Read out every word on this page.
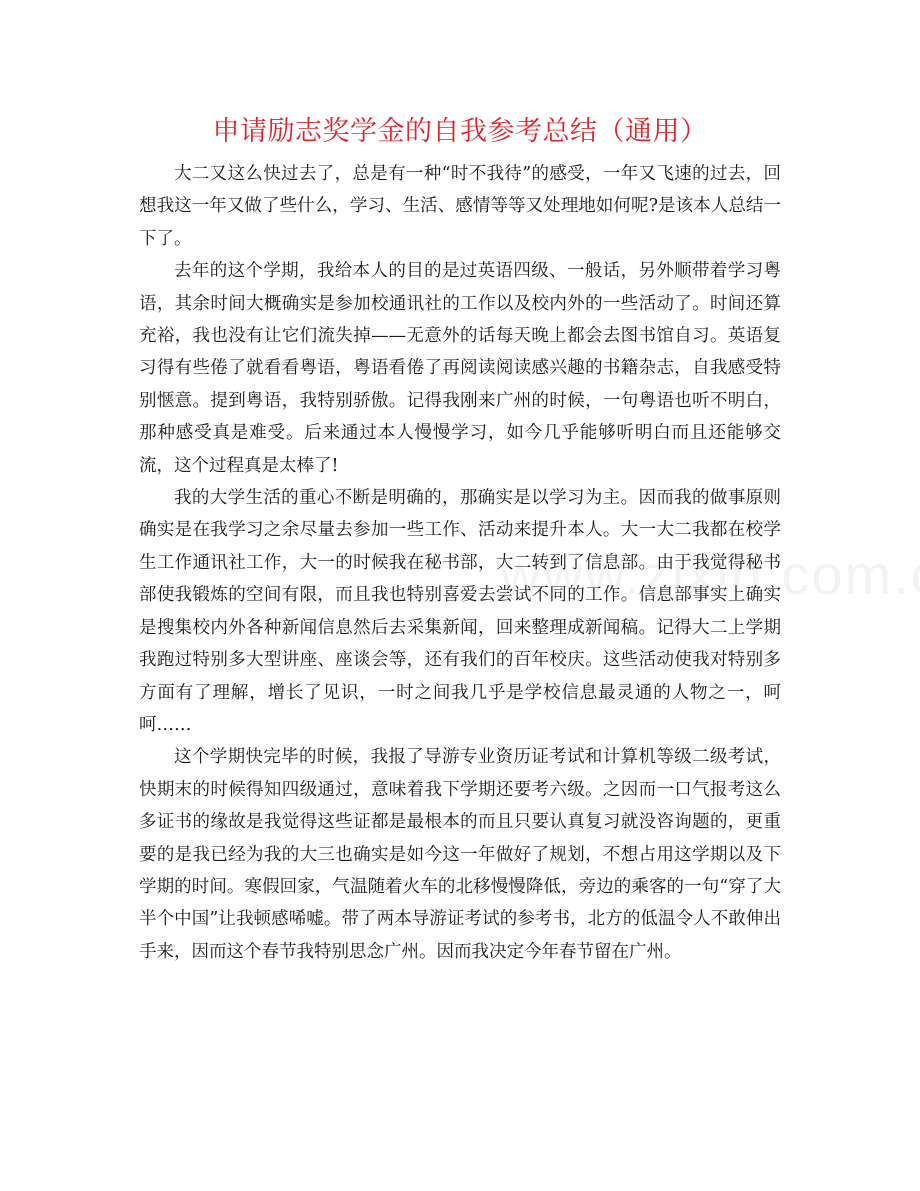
申请励志奖学金的自我参考总结（通用）

大二又这么快过去了，总是有一种“时不我待”的感受，一年又飞速的过去，回想我这一年又做了些什么，学习、生活、感情等等又处理地如何呢?是该本人总结一下了。

去年的这个学期，我给本人的目的是过英语四级、一般话，另外顺带着学习粤语，其余时间大概确实是参加校通讯社的工作以及校内外的一些活动了。时间还算充裕，我也没有让它们流失掉——无意外的话每天晚上都会去图书馆自习。英语复习得有些倦了就看看粤语，粤语看倦了再阅读阅读感兴趣的书籍杂志，自我感受特别惬意。提到粤语，我特别骄傲。记得我刚来广州的时候，一句粤语也听不明白，那种感受真是难受。后来通过本人慢慢学习，如今几乎能够听明白而且还能够交流，这个过程真是太棒了!

我的大学生活的重心不断是明确的，那确实是以学习为主。因而我的做事原则确实是在我学习之余尽量去参加一些工作、活动来提升本人。大一大二我都在校学生工作通讯社工作，大一的时候我在秘书部，大二转到了信息部。由于我觉得秘书部使我锻炼的空间有限，而且我也特别喜爱去尝试不同的工作。信息部事实上确实是搜集校内外各种新闻信息然后去采集新闻，回来整理成新闻稿。记得大二上学期我跑过特别多大型讲座、座谈会等，还有我们的百年校庆。这些活动使我对特别多方面有了理解，增长了见识，一时之间我几乎是学校信息最灵通的人物之一，呵呵……

这个学期快完毕的时候，我报了导游专业资历证考试和计算机等级二级考试，快期末的时候得知四级通过，意味着我下学期还要考六级。之因而一口气报考这么多证书的缘故是我觉得这些证都是最根本的而且只要认真复习就没咨询题的，更重要的是我已经为我的大三也确实是如今这一年做好了规划，不想占用这学期以及下学期的时间。寒假回家，气温随着火车的北移慢慢降低，旁边的乘客的一句“穿了大半个中国”让我顿感唏嘘。带了两本导游证考试的参考书，北方的低温令人不敢伸出手来，因而这个春节我特别思念广州。因而我决定今年春节留在广州。
